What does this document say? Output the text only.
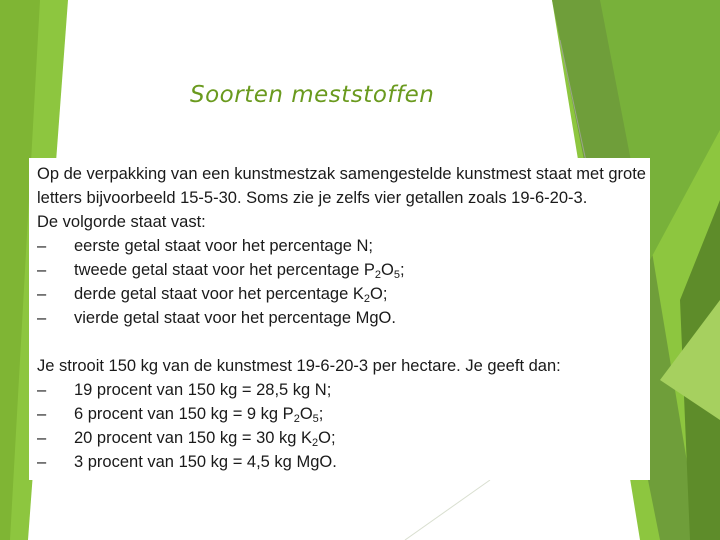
Soorten meststoffen
Op de verpakking van een kunstmestzak samengestelde kunstmest staat met grote
letters bijvoorbeeld 15-5-30. Soms zie je zelfs vier getallen zoals 19-6-20-3.
De volgorde staat vast:
–	eerste getal staat voor het percentage N;
–	tweede getal staat voor het percentage $P_2O_5$;
–	derde getal staat voor het percentage $K_2O$;
–	vierde getal staat voor het percentage MgO.
Je strooit 150 kg van de kunstmest 19-6-20-3 per hectare. Je geeft dan:
–	19 procent van 150 kg = 28,5 kg N;
–	6 procent van 150 kg = 9 kg $P_2O_5$;
–	20 procent van 150 kg = 30 kg $K_2O$;
–	3 procent van 150 kg = 4,5 kg MgO.
